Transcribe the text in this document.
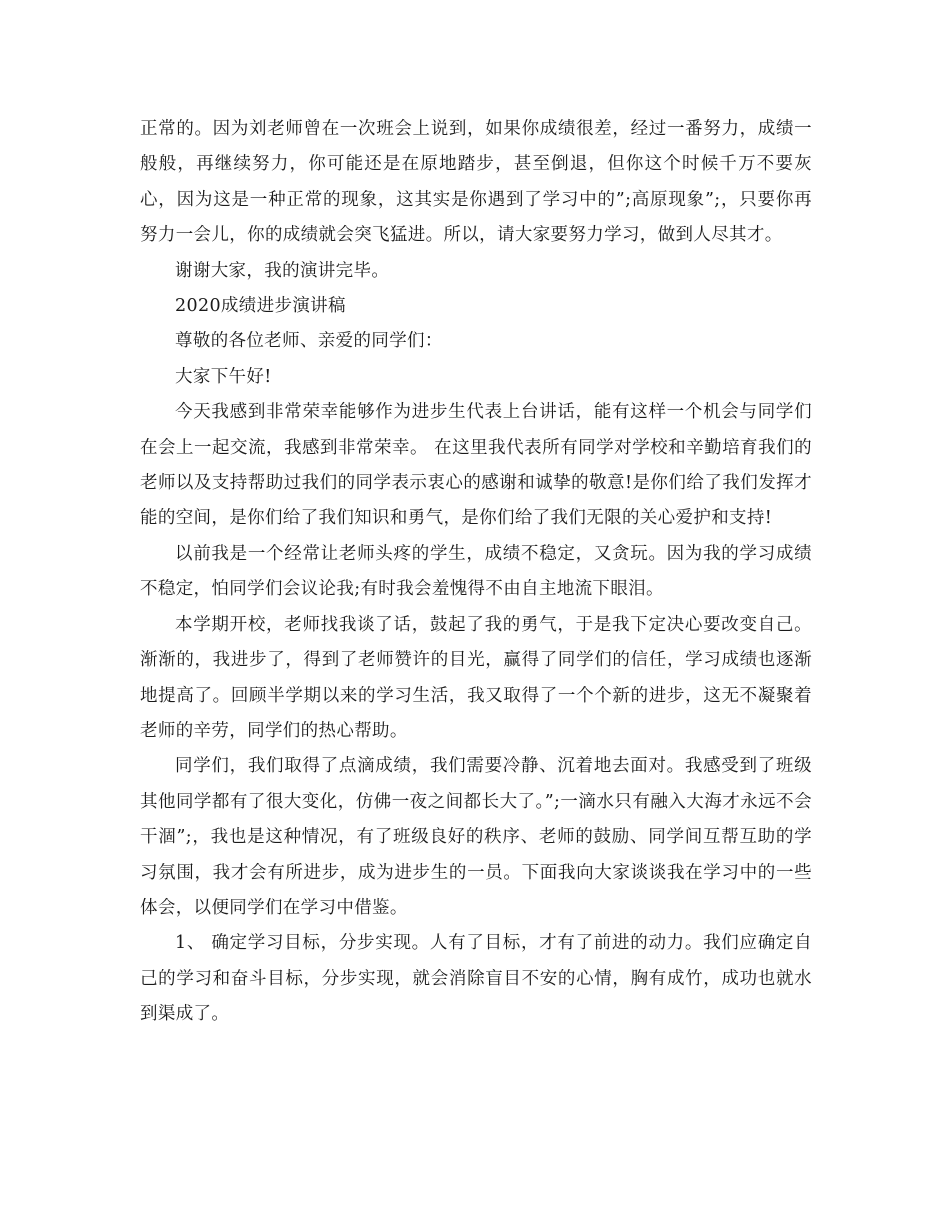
正常的。因为刘老师曾在一次班会上说到，如果你成绩很差，经过一番努力，成绩一般般，再继续努力，你可能还是在原地踏步，甚至倒退，但你这个时候千万不要灰心，因为这是一种正常的现象，这其实是你遇到了学习中的”;高原现象”;，只要你再努力一会儿，你的成绩就会突飞猛进。所以，请大家要努力学习，做到人尽其才。

谢谢大家，我的演讲完毕。

2020成绩进步演讲稿

尊敬的各位老师、亲爱的同学们：

大家下午好!

今天我感到非常荣幸能够作为进步生代表上台讲话，能有这样一个机会与同学们在会上一起交流，我感到非常荣幸。 在这里我代表所有同学对学校和辛勤培育我们的老师以及支持帮助过我们的同学表示衷心的感谢和诚挚的敬意!是你们给了我们发挥才能的空间，是你们给了我们知识和勇气，是你们给了我们无限的关心爱护和支持!

以前我是一个经常让老师头疼的学生，成绩不稳定，又贪玩。因为我的学习成绩不稳定，怕同学们会议论我;有时我会羞愧得不由自主地流下眼泪。

本学期开校，老师找我谈了话，鼓起了我的勇气，于是我下定决心要改变自己。渐渐的，我进步了，得到了老师赞许的目光，赢得了同学们的信任，学习成绩也逐渐地提高了。回顾半学期以来的学习生活，我又取得了一个个新的进步，这无不凝聚着老师的辛劳，同学们的热心帮助。

同学们，我们取得了点滴成绩，我们需要冷静、沉着地去面对。我感受到了班级其他同学都有了很大变化，仿佛一夜之间都长大了。”;一滴水只有融入大海才永远不会干涸”;，我也是这种情况，有了班级良好的秩序、老师的鼓励、同学间互帮互助的学习氛围，我才会有所进步，成为进步生的一员。下面我向大家谈谈我在学习中的一些体会，以便同学们在学习中借鉴。

1、 确定学习目标，分步实现。人有了目标，才有了前进的动力。我们应确定自己的学习和奋斗目标，分步实现，就会消除盲目不安的心情，胸有成竹，成功也就水到渠成了。
